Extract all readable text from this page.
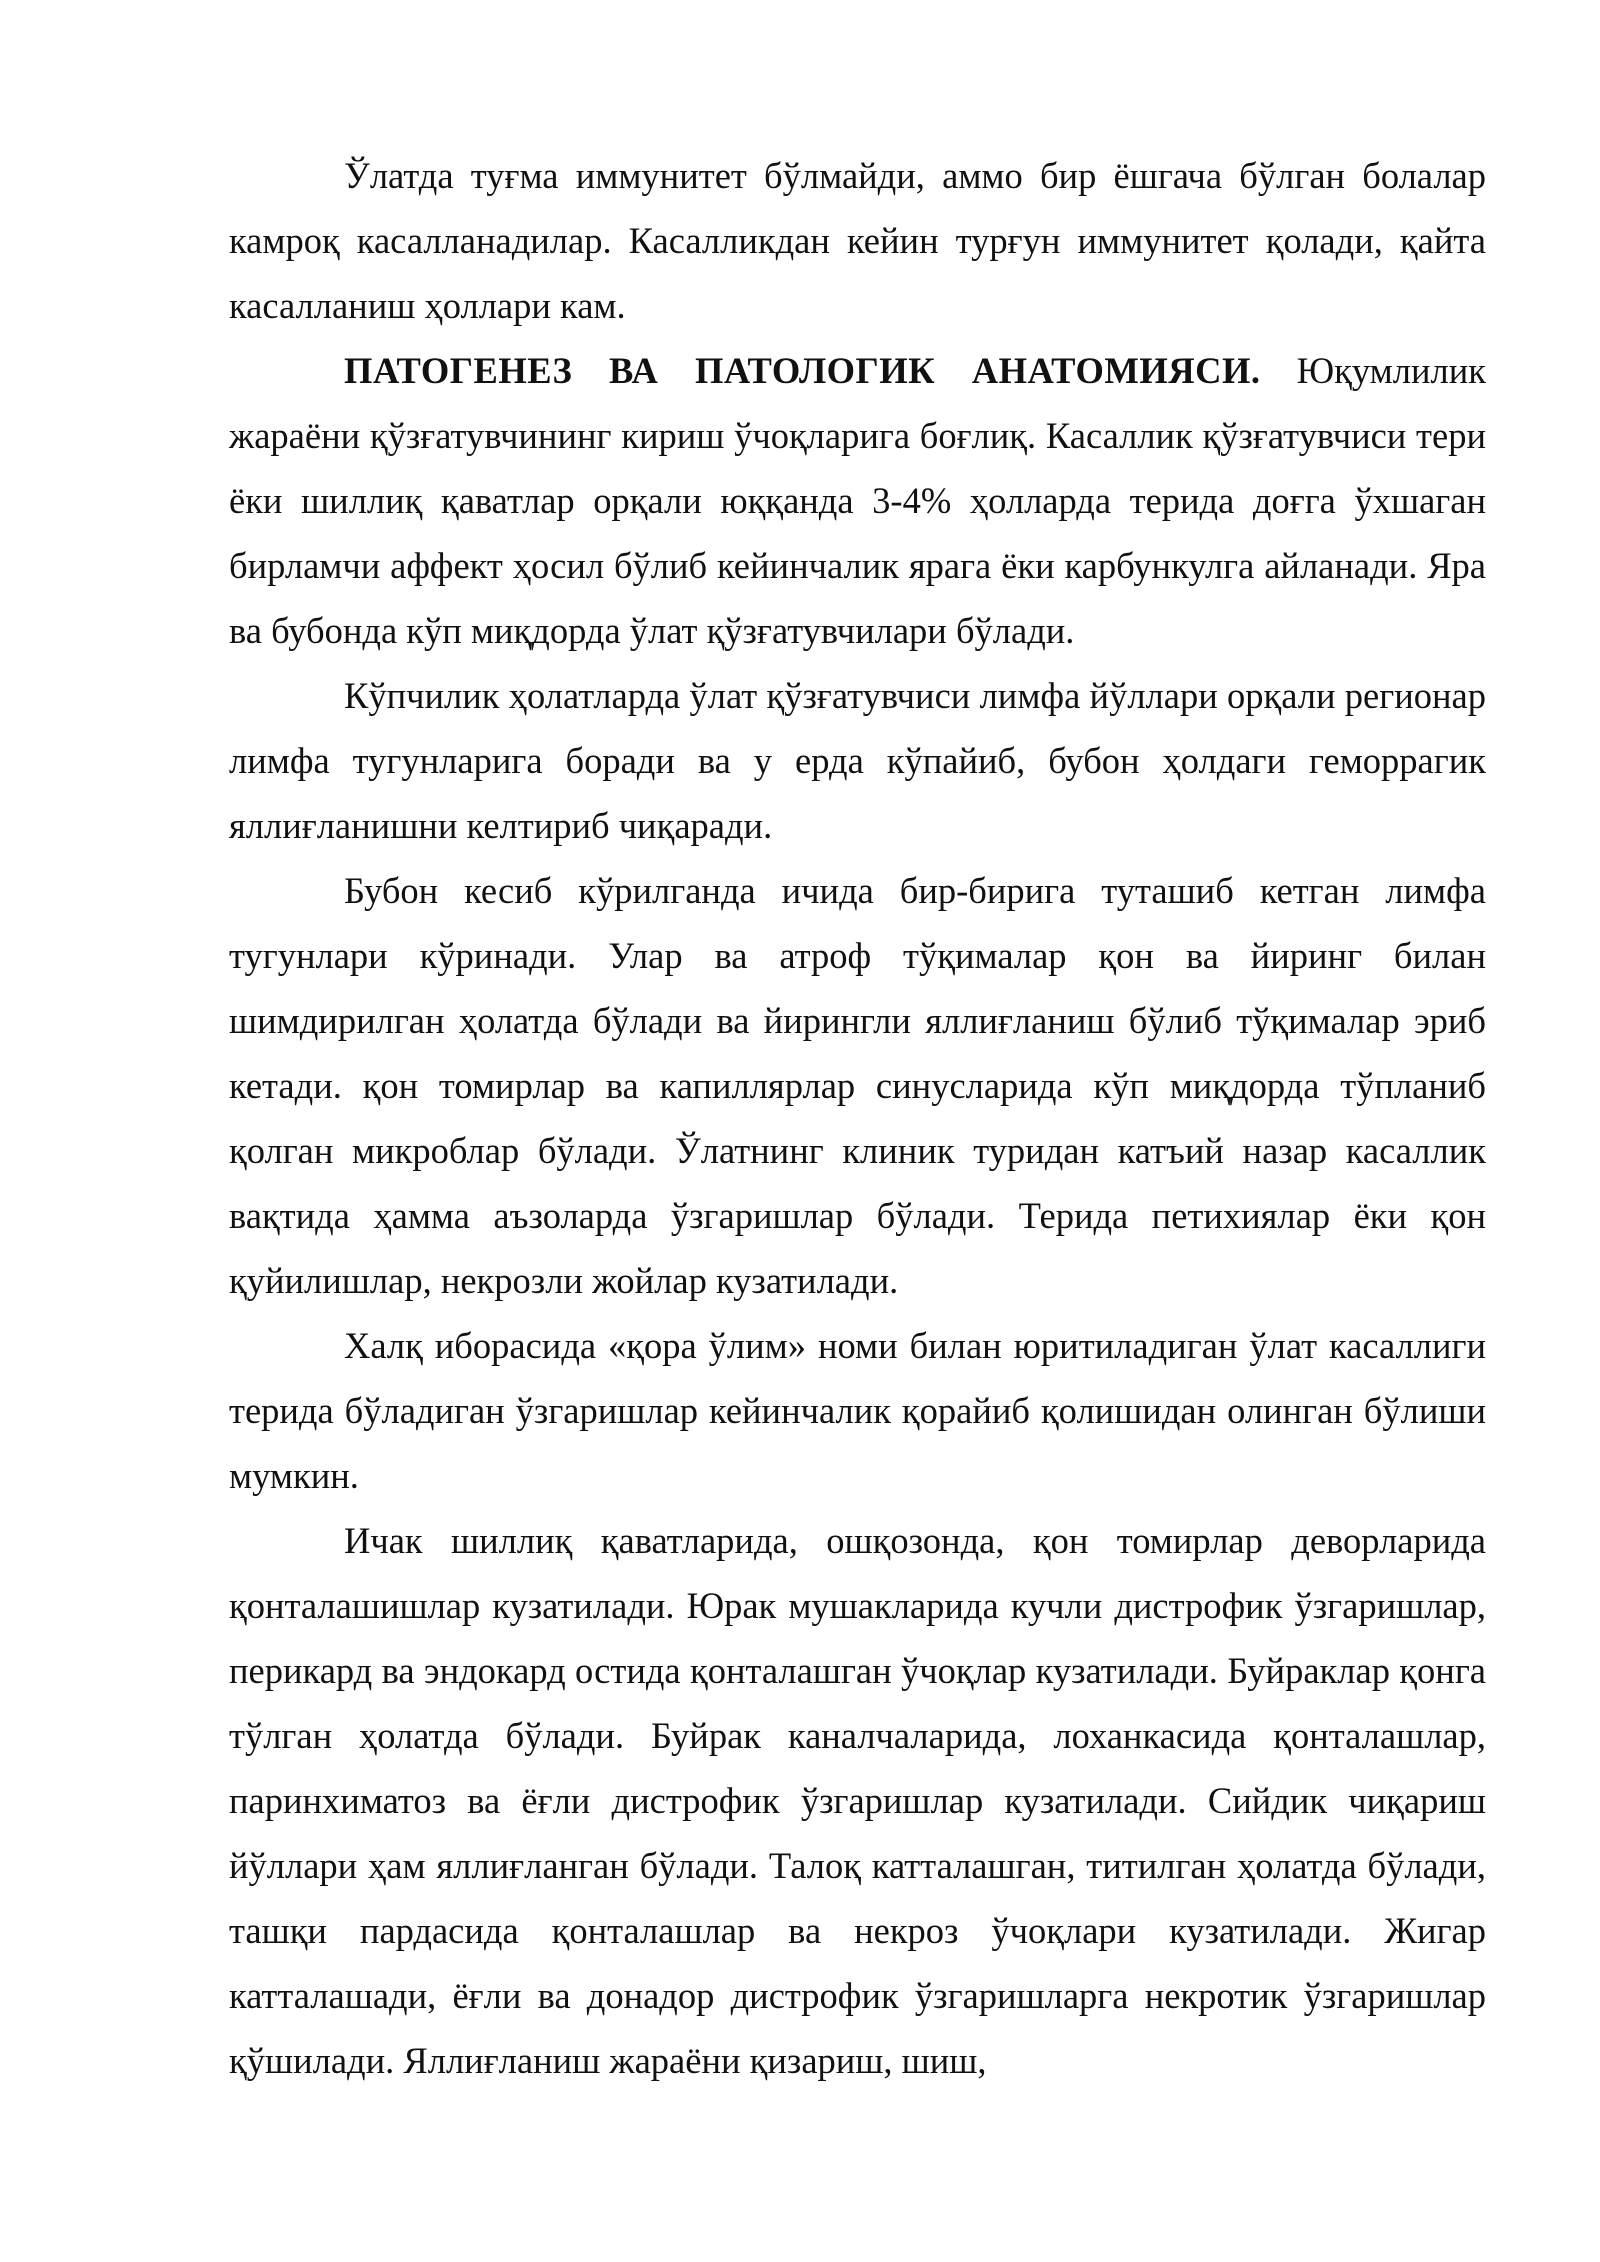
Ўлатда туғма иммунитет бўлмайди, аммо бир ёшгача бўлган болалар камроқ касалланадилар. Касалликдан кейин турғун иммунитет қолади, қайта касалланиш ҳоллари кам.

ПАТОГЕНЕЗ ВА ПАТОЛОГИК АНАТОМИЯСИ. Юқумлилик жараёни қўзғатувчининг кириш ўчоқларига боғлиқ. Касаллик қўзғатувчиси тери ёки шиллиқ қаватлар орқали юққанда 3-4% ҳолларда терида доғга ўхшаган бирламчи аффект ҳосил бўлиб кейинчалик ярага ёки карбункулга айланади. Яра ва бубонда кўп миқдорда ўлат қўзғатувчилари бўлади.

Кўпчилик ҳолатларда ўлат қўзғатувчиси лимфа йўллари орқали регионар лимфа тугунларига боради ва у ерда кўпайиб, бубон ҳолдаги геморрагик яллиғланишни келтириб чиқаради.

Бубон кесиб кўрилганда ичида бир-бирига туташиб кетган лимфа тугунлари кўринади. Улар ва атроф тўқималар қон ва йиринг билан шимдирилган ҳолатда бўлади ва йирингли яллиғланиш бўлиб тўқималар эриб кетади. қон томирлар ва капиллярлар синусларида кўп миқдорда тўпланиб қолган микроблар бўлади. Ўлатнинг клиник туридан катъий назар касаллик вақтида ҳамма аъзоларда ўзгаришлар бўлади. Терида петихиялар ёки қон қуйилишлар, некрозли жойлар кузатилади.

Халқ иборасида «қора ўлим» номи билан юритиладиган ўлат касаллиги терида бўладиган ўзгаришлар кейинчалик қорайиб қолишидан олинган бўлиши мумкин.

Ичак шиллиқ қаватларида, ошқозонда, қон томирлар деворларида қонталашишлар кузатилади. Юрак мушакларида кучли дистрофик ўзгаришлар, перикард ва эндокард остида қонталашган ўчоқлар кузатилади. Буйраклар қонга тўлган ҳолатда бўлади. Буйрак каналчаларида, лоханкасида қонталашлар, паринхиматоз ва ёғли дистрофик ўзгаришлар кузатилади. Сийдик чиқариш йўллари ҳам яллиғланган бўлади. Талоқ катталашган, титилган ҳолатда бўлади, ташқи пардасида қонталашлар ва некроз ўчоқлари кузатилади. Жигар катталашади, ёғли ва донадор дистрофик ўзгаришларга некротик ўзгаришлар қўшилади. Яллиғланиш жараёни қизариш, шиш,
